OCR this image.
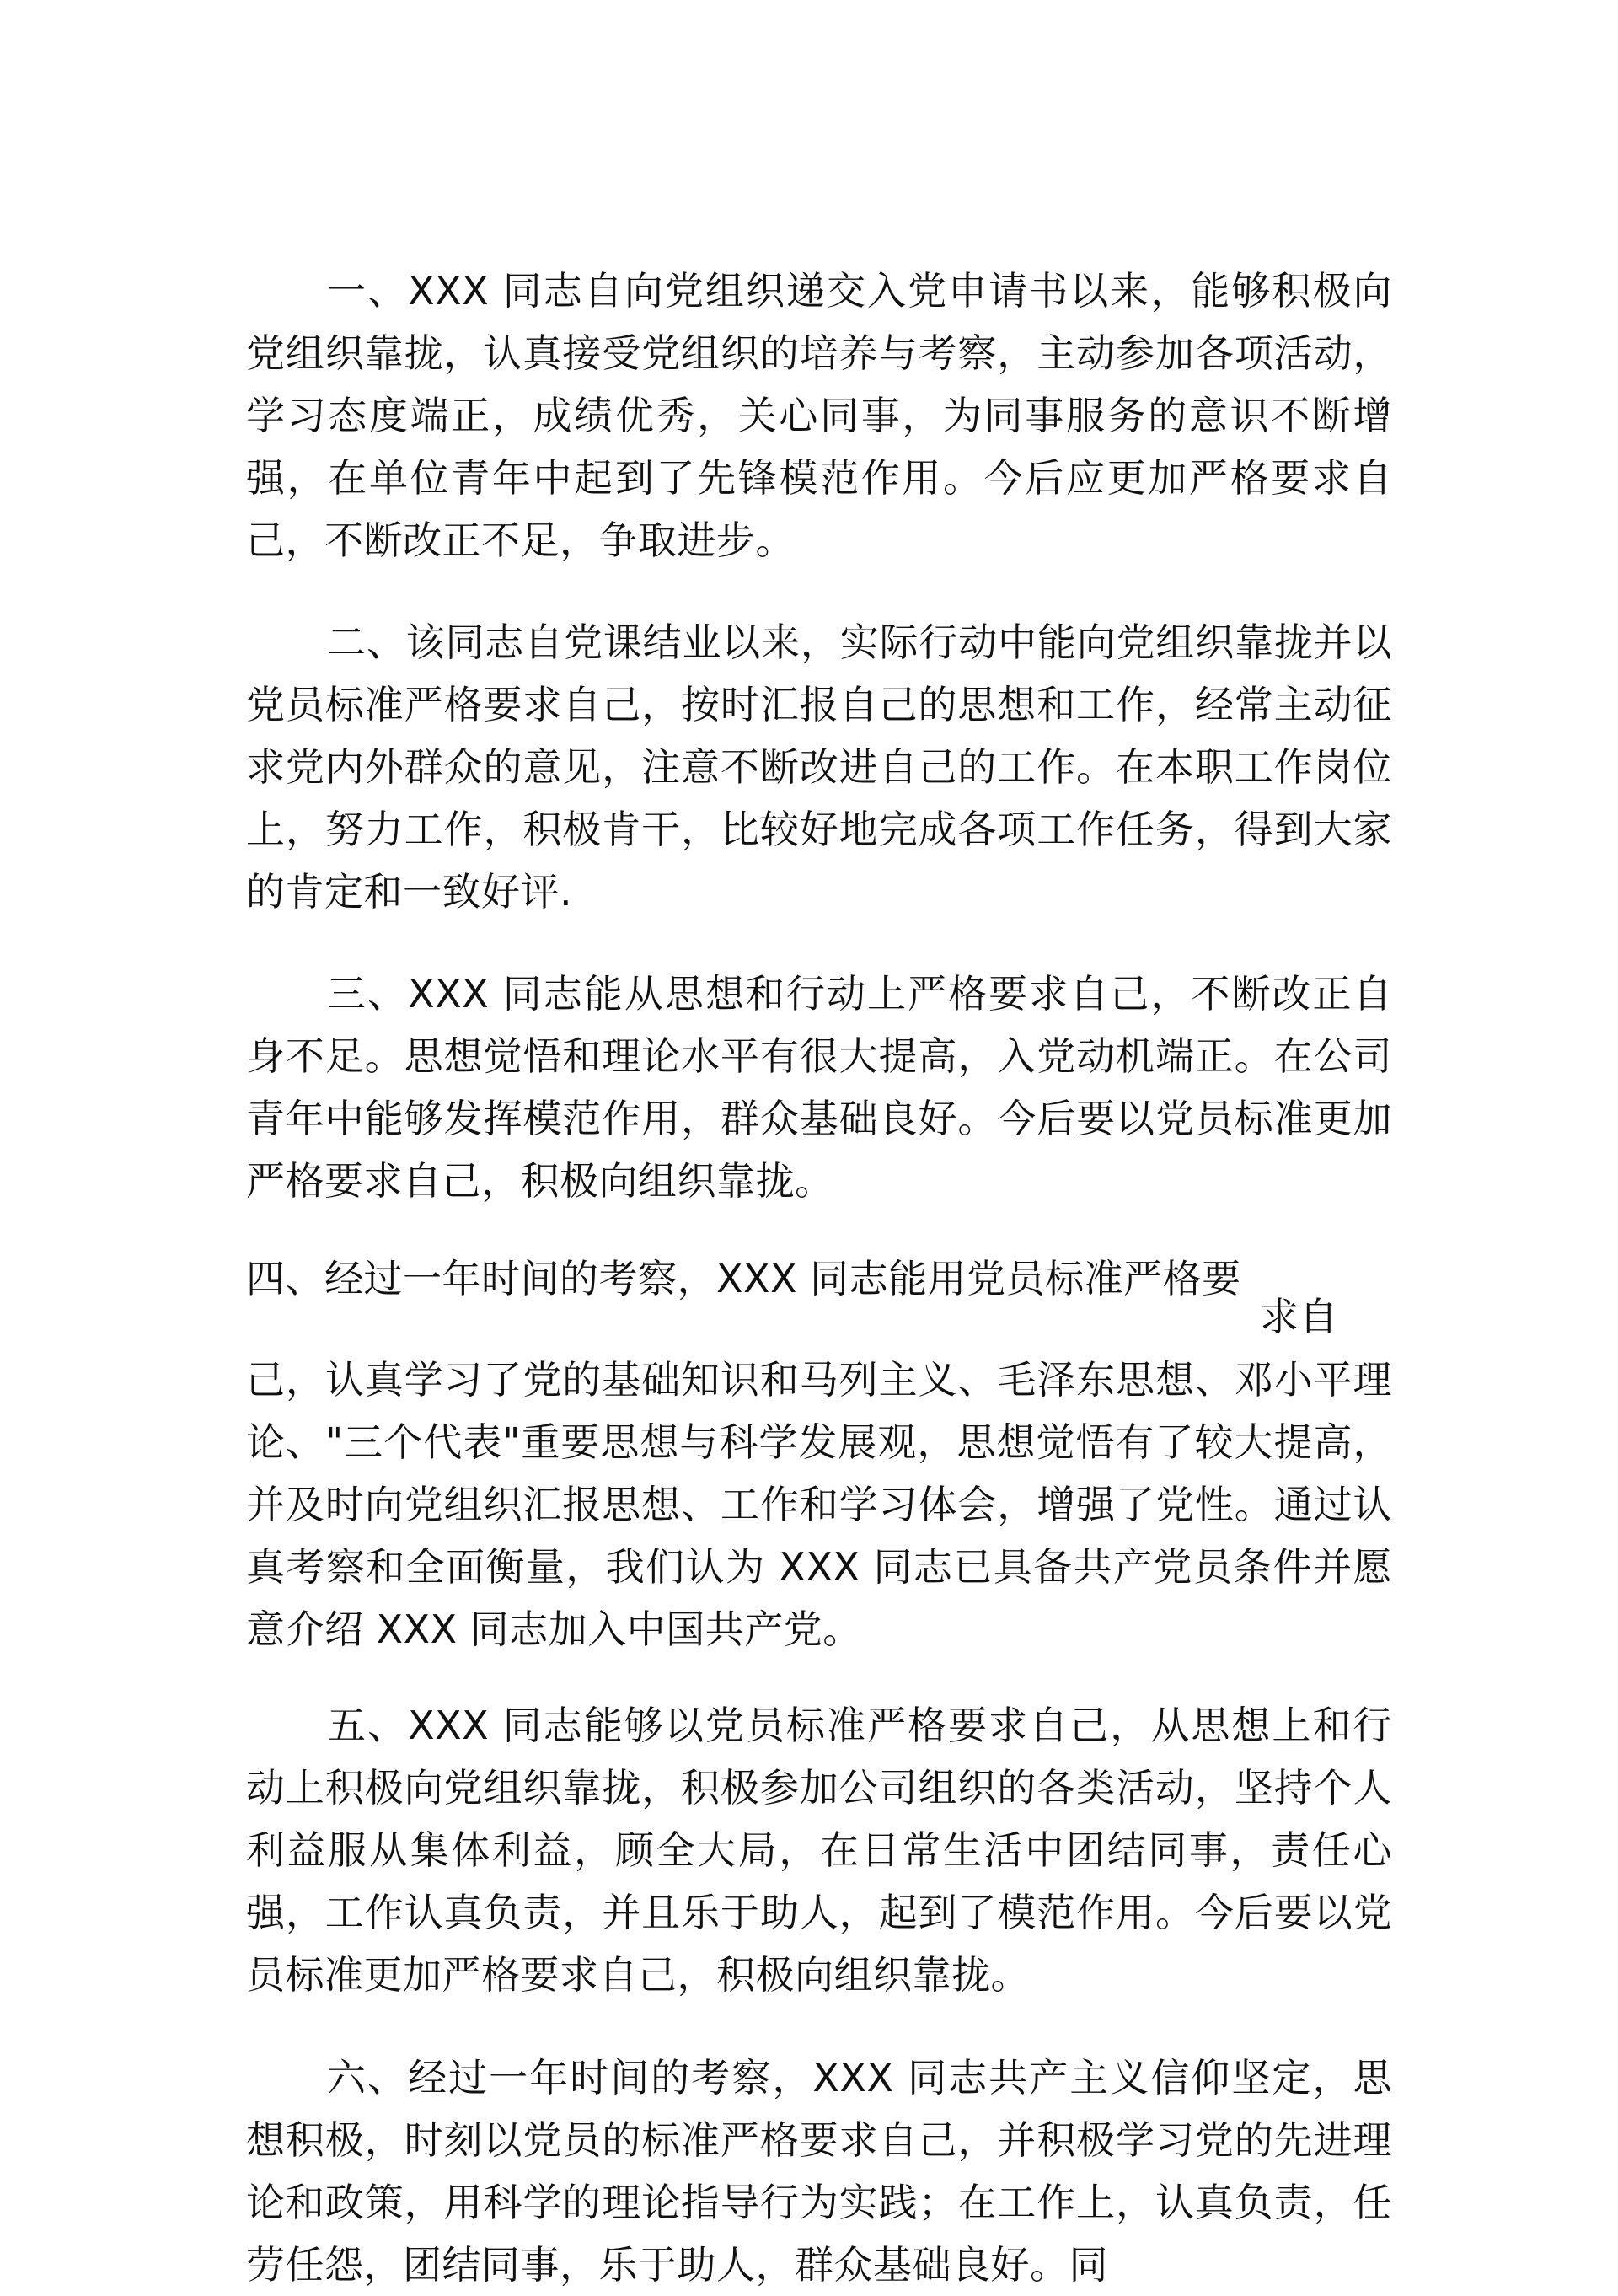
一、XXX 同志自向党组织递交入党申请书以来，能够积极向党组织靠拢，认真接受党组织的培养与考察，主动参加各项活动，学习态度端正，成绩优秀，关心同事，为同事服务的意识不断增强，在单位青年中起到了先锋模范作用。今后应更加严格要求自己，不断改正不足，争取进步。

二、该同志自党课结业以来，实际行动中能向党组织靠拢并以党员标准严格要求自己，按时汇报自己的思想和工作，经常主动征求党内外群众的意见，注意不断改进自己的工作。在本职工作岗位上，努力工作，积极肯干，比较好地完成各项工作任务，得到大家的肯定和一致好评.

三、XXX 同志能从思想和行动上严格要求自己，不断改正自身不足。思想觉悟和理论水平有很大提高，入党动机端正。在公司青年中能够发挥模范作用，群众基础良好。今后要以党员标准更加严格要求自己，积极向组织靠拢。

四、经过一年时间的考察，XXX 同志能用党员标准严格要

求自

己，认真学习了党的基础知识和马列主义、毛泽东思想、邓小平理论、"三个代表"重要思想与科学发展观，思想觉悟有了较大提高，并及时向党组织汇报思想、工作和学习体会，增强了党性。通过认真考察和全面衡量，我们认为 XXX 同志已具备共产党员条件并愿意介绍 XXX 同志加入中国共产党。

五、XXX 同志能够以党员标准严格要求自己，从思想上和行动上积极向党组织靠拢，积极参加公司组织的各类活动，坚持个人利益服从集体利益，顾全大局，在日常生活中团结同事，责任心强，工作认真负责，并且乐于助人，起到了模范作用。今后要以党员标准更加严格要求自己，积极向组织靠拢。

六、经过一年时间的考察，XXX 同志共产主义信仰坚定，思想积极，时刻以党员的标准严格要求自己，并积极学习党的先进理论和政策，用科学的理论指导行为实践；在工作上，认真负责，任劳任怨，团结同事，乐于助人，群众基础良好。同
